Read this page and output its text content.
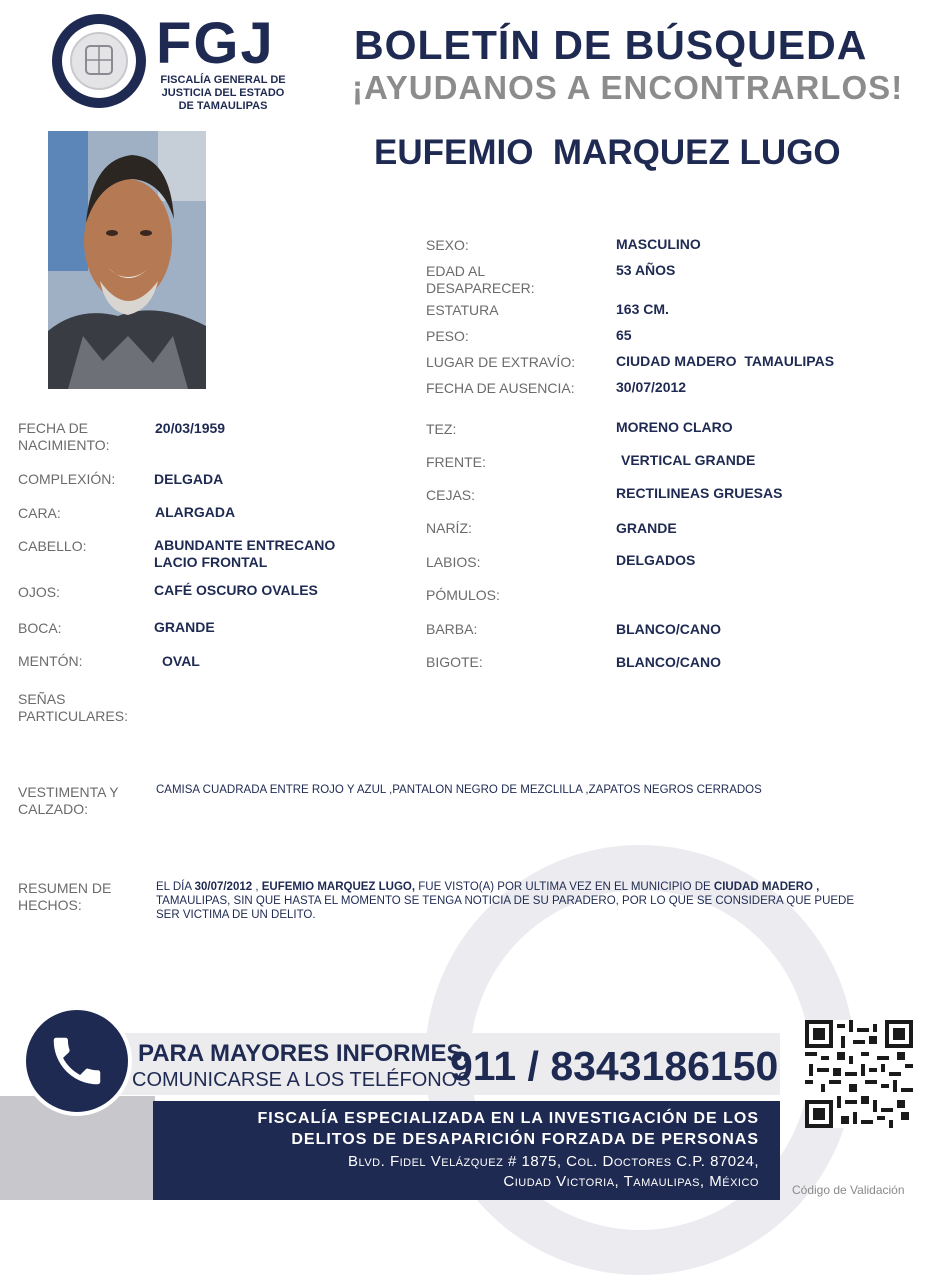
FGJ
FISCALÍA GENERAL DE
JUSTICIA DEL ESTADO
DE TAMAULIPAS
BOLETÍN DE BÚSQUEDA
¡AYUDANOS A ENCONTRARLOS!
EUFEMIO  MARQUEZ LUGO
SEXO:	MASCULINO
EDAD AL
DESAPARECER:
53 AÑOS
ESTATURA	163 CM.
PESO:	65
LUGAR DE EXTRAVÍO:	CIUDAD MADERO  TAMAULIPAS
FECHA DE AUSENCIA:	30/07/2012
FECHA DE
NACIMIENTO:
20/03/1959
COMPLEXIÓN:	DELGADA
CARA:	ALARGADA
CABELLO:	ABUNDANTE ENTRECANO
LACIO FRONTAL
OJOS:	CAFÉ OSCURO OVALES
BOCA:	GRANDE
MENTÓN:	OVAL
SEÑAS
PARTICULARES:
TEZ:	MORENO CLARO
FRENTE:	VERTICAL GRANDE
CEJAS:	RECTILINEAS GRUESAS
NARÍZ:	GRANDE
LABIOS:	DELGADOS
PÓMULOS:
BARBA:	BLANCO/CANO
BIGOTE:	BLANCO/CANO
VESTIMENTA Y
CALZADO:
CAMISA CUADRADA ENTRE ROJO Y AZUL ,PANTALON NEGRO DE MEZCLILLA ,ZAPATOS NEGROS CERRADOS
RESUMEN DE
HECHOS:
EL DÍA 30/07/2012 , EUFEMIO MARQUEZ LUGO, FUE VISTO(A) POR ULTIMA VEZ EN EL MUNICIPIO DE CIUDAD MADERO , TAMAULIPAS, SIN QUE HASTA EL MOMENTO SE TENGA NOTICIA DE SU PARADERO, POR LO QUE SE CONSIDERA QUE PUEDE SER VICTIMA DE UN DELITO.
PARA MAYORES INFORMES,
COMUNICARSE A LOS TELÉFONOS
911 / 8343186150
FISCALÍA ESPECIALIZADA EN LA INVESTIGACIÓN DE LOS
DELITOS DE DESAPARICIÓN FORZADA DE PERSONAS
Blvd. Fidel Velázquez # 1875, Col. Doctores C.P. 87024,
Ciudad Victoria, Tamaulipas, México	Código de Validación
